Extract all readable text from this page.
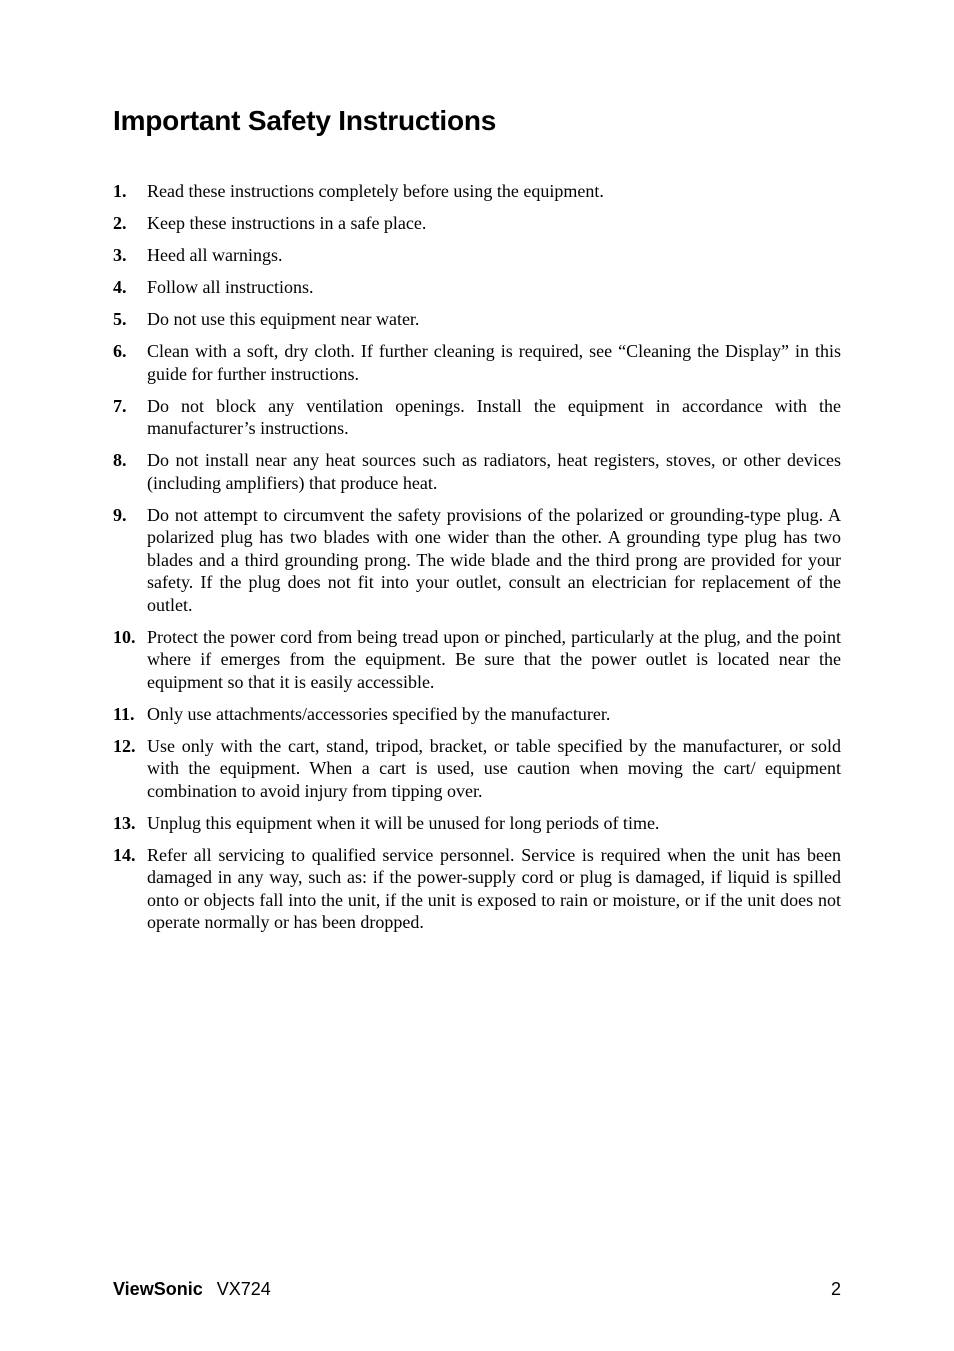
Important Safety Instructions
1.	Read these instructions completely before using the equipment.
2.	Keep these instructions in a safe place.
3.	Heed all warnings.
4.	Follow all instructions.
5.	Do not use this equipment near water.
6.	Clean with a soft, dry cloth. If further cleaning is required, see “Cleaning the Display” in this guide for further instructions.
7.	Do not block any ventilation openings. Install the equipment in accordance with the manufacturer’s instructions.
8.	Do not install near any heat sources such as radiators, heat registers, stoves, or other devices (including amplifiers) that produce heat.
9.	Do not attempt to circumvent the safety provisions of the polarized or grounding-type plug. A polarized plug has two blades with one wider than the other. A grounding type plug has two blades and a third grounding prong. The wide blade and the third prong are provided for your safety. If the plug does not fit into your outlet, consult an electrician for replacement of the outlet.
10. Protect the power cord from being tread upon or pinched, particularly at the plug, and the point where if emerges from the equipment. Be sure that the power outlet is located near the equipment so that it is easily accessible.
11. Only use attachments/accessories specified by the manufacturer.
12. Use only with the cart, stand, tripod, bracket, or table specified by the manufacturer, or sold with the equipment. When a cart is used, use caution when moving the cart/ equipment combination to avoid injury from tipping over.
13. Unplug this equipment when it will be unused for long periods of time.
14. Refer all servicing to qualified service personnel. Service is required when the unit has been damaged in any way, such as: if the power-supply cord or plug is damaged, if liquid is spilled onto or objects fall into the unit, if the unit is exposed to rain or moisture, or if the unit does not operate normally or has been dropped.
ViewSonic VX724	2
